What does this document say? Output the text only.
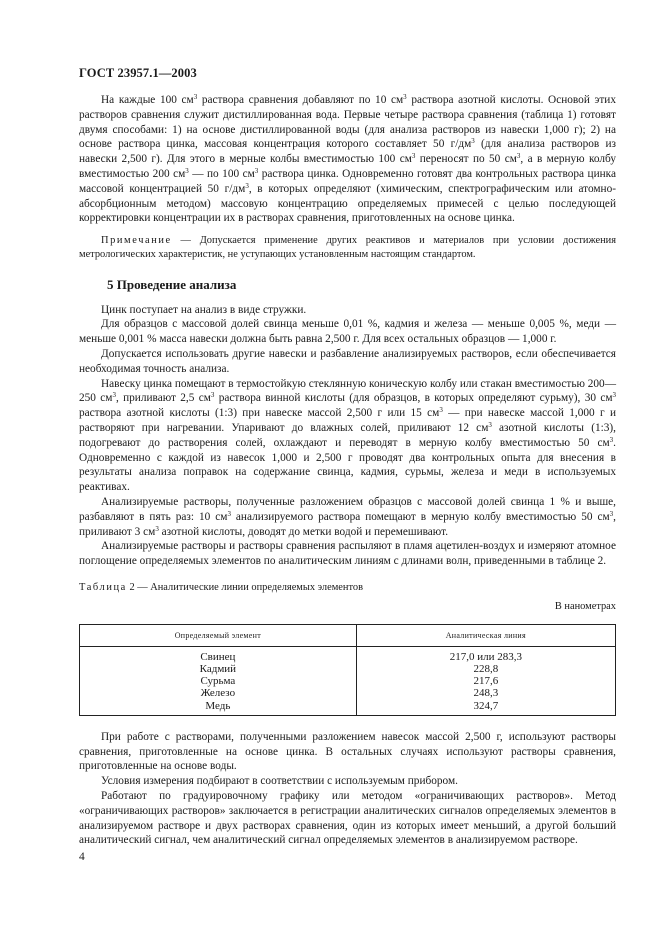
ГОСТ 23957.1—2003

На каждые 100 $см^3$ раствора сравнения добавляют по 10 $см^3$ раствора азотной кислоты. Основой этих растворов сравнения служит дистиллированная вода. Первые четыре раствора сравнения (таблица 1) готовят двумя способами: 1) на основе дистиллированной воды (для анализа растворов из навески 1,000 г); 2) на основе раствора цинка, массовая концентрация которого составляет 50 $г/дм^3$ (для анализа растворов из навески 2,500 г). Для этого в мерные колбы вместимостью 100 $см^3$ переносят по 50 $см^3$, а в мерную колбу вместимостью 200 $см^3$ — по 100 $см^3$ раствора цинка. Одновременно готовят два контрольных раствора цинка массовой концентрацией 50 $г/дм^3$, в которых определяют (химическим, спектрографическим или атомно-абсорбционным методом) массовую концентрацию определяемых примесей с целью последующей корректировки концентрации их в растворах сравнения, приготовленных на основе цинка.

Примечание — Допускается применение других реактивов и материалов при условии достижения метрологических характеристик, не уступающих установленным настоящим стандартом.

5 Проведение анализа

Цинк поступает на анализ в виде стружки.

Для образцов с массовой долей свинца меньше 0,01 %, кадмия и железа — меньше 0,005 %, меди — меньше 0,001 % масса навески должна быть равна 2,500 г. Для всех остальных образцов — 1,000 г.

Допускается использовать другие навески и разбавление анализируемых растворов, если обеспечивается необходимая точность анализа.

Навеску цинка помещают в термостойкую стеклянную коническую колбу или стакан вместимостью 200—250 $см^3$, приливают 2,5 $см^3$ раствора винной кислоты (для образцов, в которых определяют сурьму), 30 $см^3$ раствора азотной кислоты (1:3) при навеске массой 2,500 г или 15 $см^3$ — при навеске массой 1,000 г и растворяют при нагревании. Упаривают до влажных солей, приливают 12 $см^3$ азотной кислоты (1:3), подогревают до растворения солей, охлаждают и переводят в мерную колбу вместимостью 50 $см^3$. Одновременно с каждой из навесок 1,000 и 2,500 г проводят два контрольных опыта для внесения в результаты анализа поправок на содержание свинца, кадмия, сурьмы, железа и меди в используемых реактивах.

Анализируемые растворы, полученные разложением образцов с массовой долей свинца 1 % и выше, разбавляют в пять раз: 10 $см^3$ анализируемого раствора помещают в мерную колбу вместимостью 50 $см^3$, приливают 3 $см^3$ азотной кислоты, доводят до метки водой и перемешивают.

Анализируемые растворы и растворы сравнения распыляют в пламя ацетилен-воздух и измеряют атомное поглощение определяемых элементов по аналитическим линиям с длинами волн, приведенными в таблице 2.

Таблица 2 — Аналитические линии определяемых элементов

В нанометрах
Определяемый элемент	Аналитическая линия
Свинец	217,0 или 283,3
Кадмий	228,8
Сурьма	217,6
Железо	248,3
Медь	324,7

При работе с растворами, полученными разложением навесок массой 2,500 г, используют растворы сравнения, приготовленные на основе цинка. В остальных случаях используют растворы сравнения, приготовленные на основе воды.

Условия измерения подбирают в соответствии с используемым прибором.

Работают по градуировочному графику или методом «ограничивающих растворов». Метод «ограничивающих растворов» заключается в регистрации аналитических сигналов определяемых элементов в анализируемом растворе и двух растворах сравнения, один из которых имеет меньший, а другой больший аналитический сигнал, чем аналитический сигнал определяемых элементов в анализируемом растворе.

4
